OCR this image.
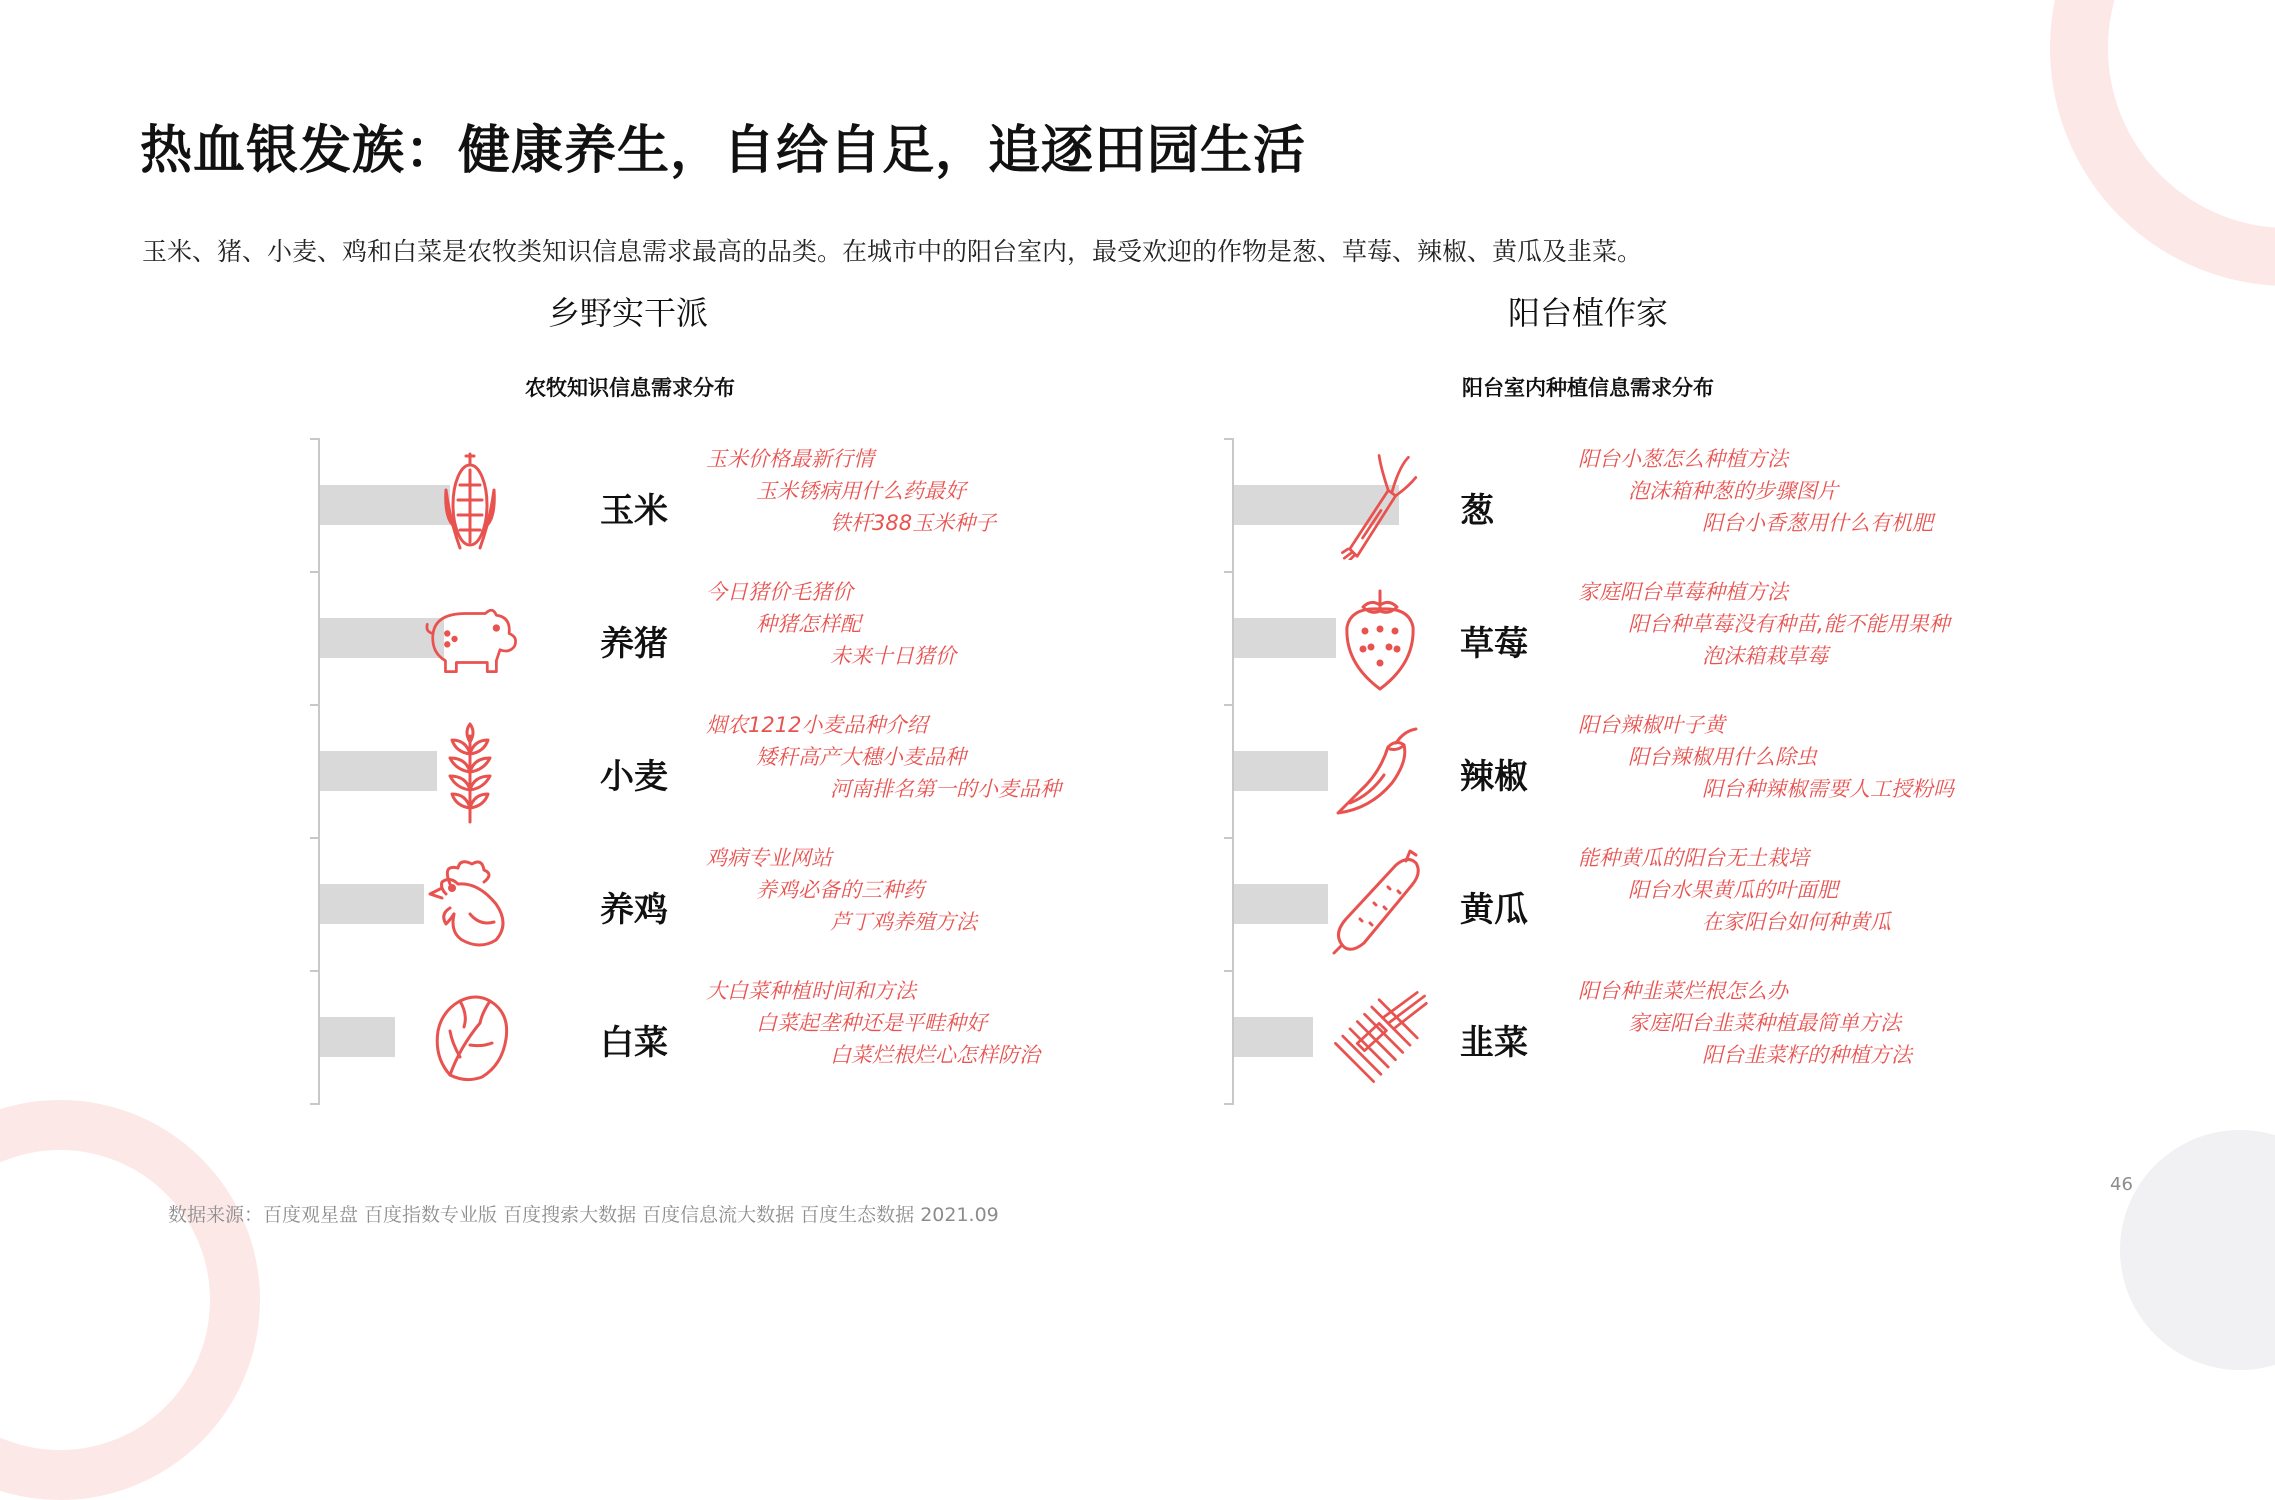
热血银发族：健康养生，自给自足，追逐田园生活
玉米、猪、小麦、鸡和白菜是农牧类知识信息需求最高的品类。在城市中的阳台室内，最受欢迎的作物是葱、草莓、辣椒、黄瓜及韭菜。
乡野实干派
农牧知识信息需求分布
阳台植作家
阳台室内种植信息需求分布
玉米
玉米价格最新行情
玉米锈病用什么药最好
铁杆388玉米种子
养猪
今日猪价毛猪价
种猪怎样配
未来十日猪价
小麦
烟农1212小麦品种介绍
矮秆高产大穗小麦品种
河南排名第一的小麦品种
养鸡
鸡病专业网站
养鸡必备的三种药
芦丁鸡养殖方法
白菜
大白菜种植时间和方法
白菜起垄种还是平畦种好
白菜烂根烂心怎样防治
葱
阳台小葱怎么种植方法
泡沫箱种葱的步骤图片
阳台小香葱用什么有机肥
草莓
家庭阳台草莓种植方法
阳台种草莓没有种苗,能不能用果种
泡沫箱栽草莓
辣椒
阳台辣椒叶子黄
阳台辣椒用什么除虫
阳台种辣椒需要人工授粉吗
黄瓜
能种黄瓜的阳台无土栽培
阳台水果黄瓜的叶面肥
在家阳台如何种黄瓜
韭菜
阳台种韭菜烂根怎么办
家庭阳台韭菜种植最简单方法
阳台韭菜籽的种植方法
数据来源：百度观星盘 百度指数专业版 百度搜索大数据 百度信息流大数据 百度生态数据 2021.09
46
